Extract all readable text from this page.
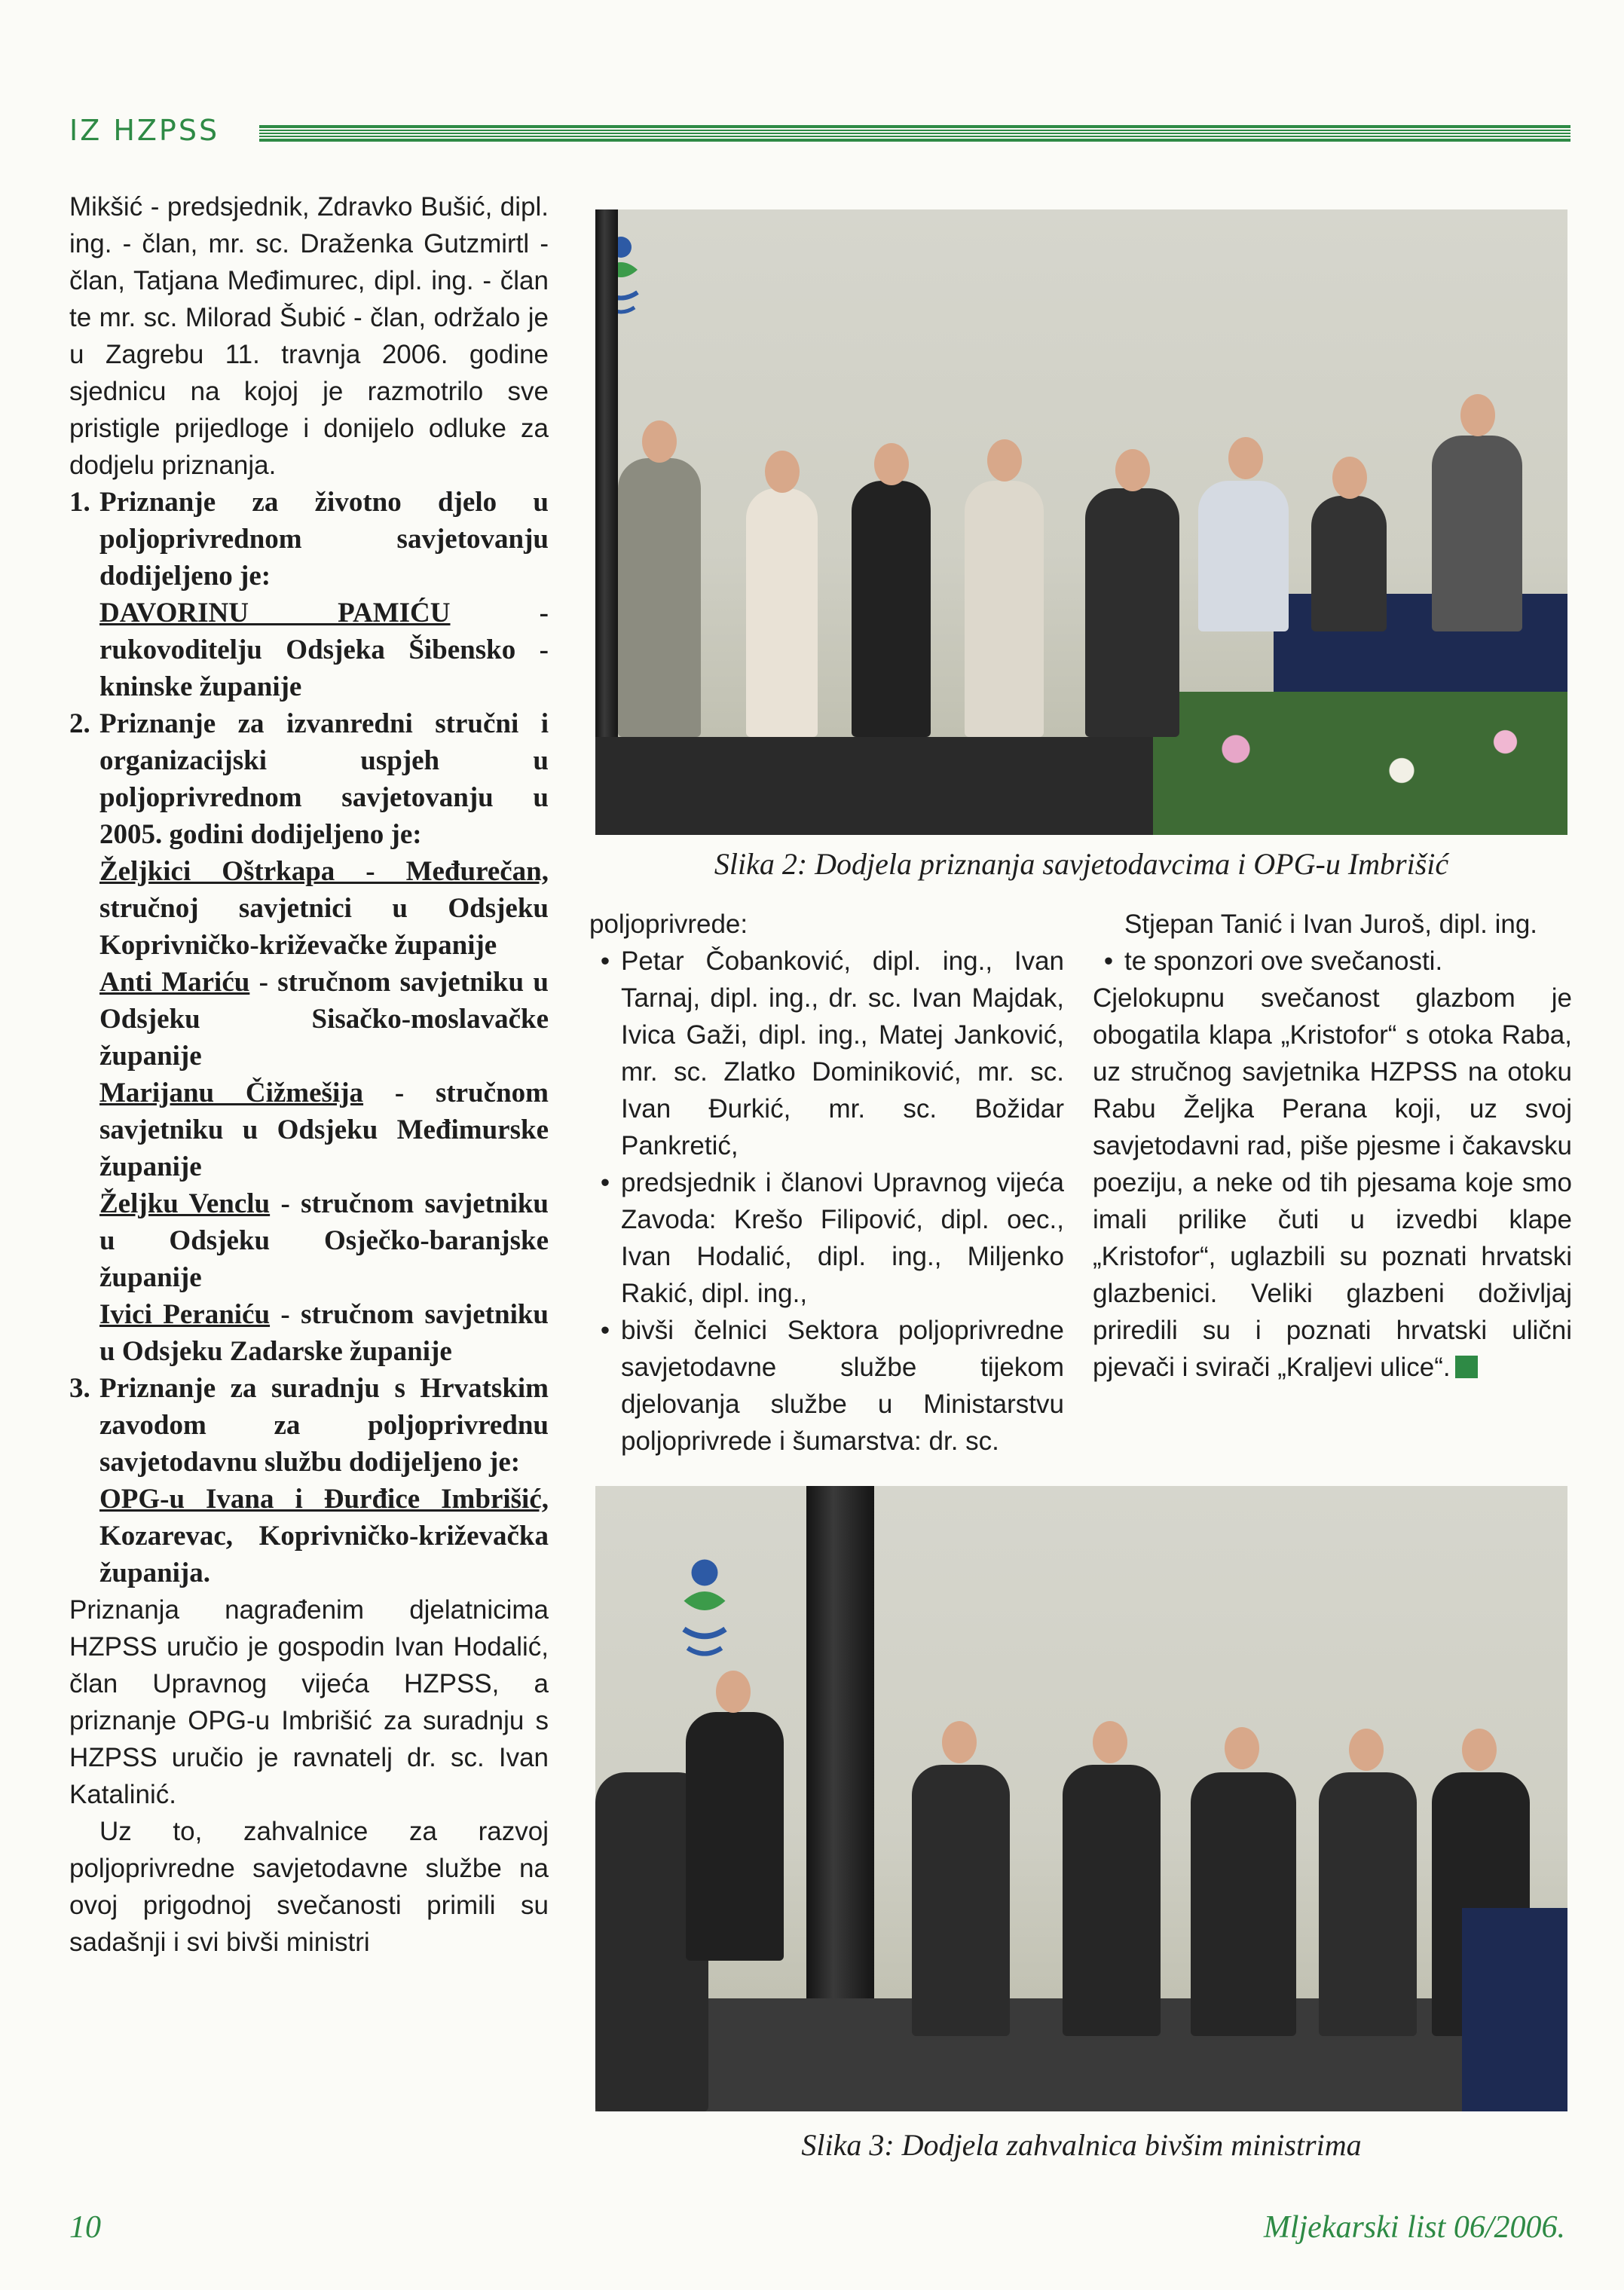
IZ HZPSS

Mikšić - predsjednik, Zdravko Bušić, dipl. ing. - član, mr. sc. Draženka Gutzmirtl - član, Tatjana Međimurec, dipl. ing. - član te mr. sc. Milorad Šubić - član, održalo je u Zagrebu 11. travnja 2006. godine sjednicu na kojoj je razmotrilo sve pristigle prijedloge i donijelo odluke za dodjelu priznanja.

1. Priznanje za životno djelo u poljoprivrednom savjetovanju dodijeljeno je:
DAVORINU PAMIĆU - rukovoditelju Odsjeka Šibensko - kninske županije
2. Priznanje za izvanredni stručni i organizacijski uspjeh u poljoprivrednom savjetovanju u 2005. godini dodijeljeno je:
Željkici Oštrkapa - Međurečan, stručnoj savjetnici u Odsjeku Koprivničko-križevačke županije
Anti Mariću - stručnom savjetniku u Odsjeku Sisačko-moslavačke županije
Marijanu Čižmešija - stručnom savjetniku u Odsjeku Međimurske županije
Željku Venclu - stručnom savjetniku u Odsjeku Osječko-baranjske županije
Ivici Peraniću - stručnom savjetniku u Odsjeku Zadarske županije
3. Priznanje za suradnju s Hrvatskim zavodom za poljoprivrednu savjetodavnu službu dodijeljeno je:
OPG-u Ivana i Đurđice Imbrišić, Kozarevac, Koprivničko-križevačka županija.

Priznanja nagrađenim djelatnicima HZPSS uručio je gospodin Ivan Hodalić, član Upravnog vijeća HZPSS, a priznanje OPG-u Imbrišić za suradnju s HZPSS uručio je ravnatelj dr. sc. Ivan Katalinić.

Uz to, zahvalnice za razvoj poljoprivredne savjetodavne službe na ovoj prigodnoj svečanosti primili su sadašnji i svi bivši ministri

Slika 2: Dodjela priznanja savjetodavcima i OPG-u Imbrišić

poljoprivrede:

• Petar Čobanković, dipl. ing., Ivan Tarnaj, dipl. ing., dr. sc. Ivan Majdak, Ivica Gaži, dipl. ing., Matej Janković, mr. sc. Zlatko Dominiković, mr. sc. Ivan Đurkić, mr. sc. Božidar Pankretić,
• predsjednik i članovi Upravnog vijeća Zavoda: Krešo Filipović, dipl. oec., Ivan Hodalić, dipl. ing., Miljenko Rakić, dipl. ing.,
• bivši čelnici Sektora poljoprivredne savjetodavne službe tijekom djelovanja službe u Ministarstvu poljoprivrede i šumarstva: dr. sc.

Stjepan Tanić i Ivan Juroš, dipl. ing.

• te sponzori ove svečanosti.

Cjelokupnu svečanost glazbom je obogatila klapa „Kristofor“ s otoka Raba, uz stručnog savjetnika HZPSS na otoku Rabu Željka Perana koji, uz svoj savjetodavni rad, piše pjesme i čakavsku poeziju, a neke od tih pjesama koje smo imali prilike čuti u izvedbi klape „Kristofor“, uglazbili su poznati hrvatski glazbenici. Veliki glazbeni doživljaj priredili su i poznati hrvatski ulični pjevači i svirači „Kraljevi ulice“.

Slika 3: Dodjela zahvalnica bivšim ministrima
10	Mljekarski list 06/2006.
